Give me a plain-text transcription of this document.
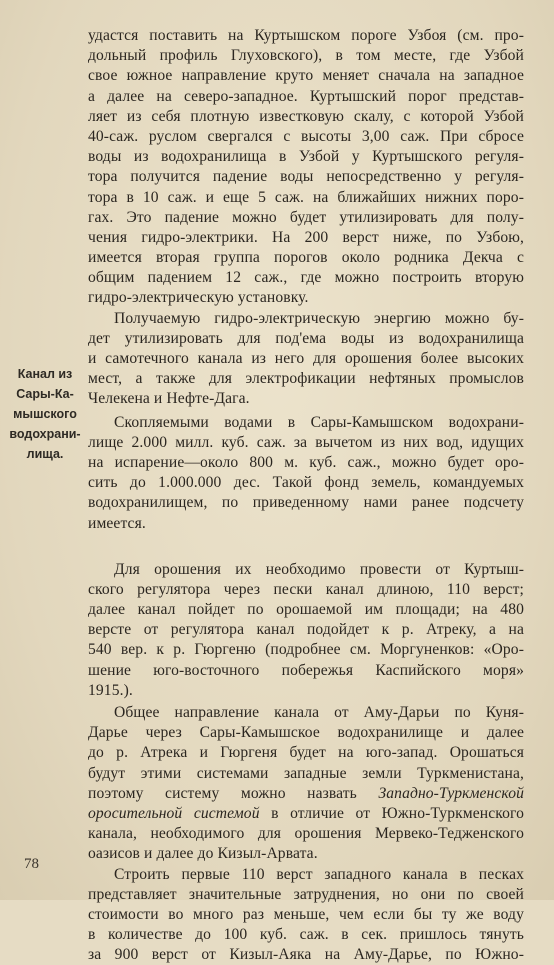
Канал из
Сары-Ка-
мышского
водохрани-
лища.
удастся поставить на Куртышском пороге Узбоя (см. про-
дольный профиль Глуховского), в том месте, где Узбой
свое южное направление круто меняет сначала на западное
а далее на северо-западное. Куртышский порог представ-
ляет из себя плотную известковую скалу, с которой Узбой
40-саж. руслом свергался с высоты 3,00 саж. При сбросе
воды из водохранилища в Узбой у Куртышского регуля-
тора получится падение воды непосредственно у регуля-
тора в 10 саж. и еще 5 саж. на ближайших нижних порo-
гах. Это падение можно будет утилизировать для полу-
чения гидро-электрики. На 200 верст ниже, по Узбою,
имеется вторая группа порогов около родника Декча с
общим падением 12 саж., где можно построить вторую
гидро-электрическую установку.
Получаемую гидро-электрическую энергию можно бу-
дет утилизировать для под'ема воды из водохранилища
и самотечного канала из него для орошения более высоких
мест, а также для электрофикации нефтяных промыслов
Челекена и Нефте-Дага.
Скопляемыми водами в Сары-Камышском водохрани-
лище 2.000 милл. куб. саж. за вычетом из них вод, идущих
на испарение—около 800 м. куб. саж., можно будет оро-
сить до 1.000.000 дес. Такой фонд земель, командуемых
водохранилищем, по приведенному нами ранее подсчету
имеется.
Для орошения их необходимо провести от Куртыш-
ского регулятора через пески канал длиною, 110 верст;
далее канал пойдет по орошаемой им площади; на 480
версте от регулятора канал подойдет к р. Атреку, а на
540 вер. к р. Гюргеню (подробнее см. Моргуненков: «Оро-
шение юго-восточного побережья Каспийского моря»
1915.).
Общее направление канала от Аму-Дарьи по Куня-
Дарье через Сары-Камышское водохранилище и далее
до р. Атрека и Гюргеня будет на юго-запад. Орошаться
будут этими системами западные земли Туркменистана,
поэтому систему можно назвать Западно-Туркменской
оросительной системой в отличие от Южно-Туркменского
канала, необходимого для орошения Мервеко-Тедженского
оазисов и далее до Кизыл-Арвата.
Строить первые 110 верст западного канала в песках
представляет значительные затруднения, но они по своей
стоимости во много раз меньше, чем если бы ту же воду
в количестве до 100 куб. саж. в сек. пришлось тянуть
за 900 верст от Кизыл-Аяка на Аму-Дарье, по Южно-
78
